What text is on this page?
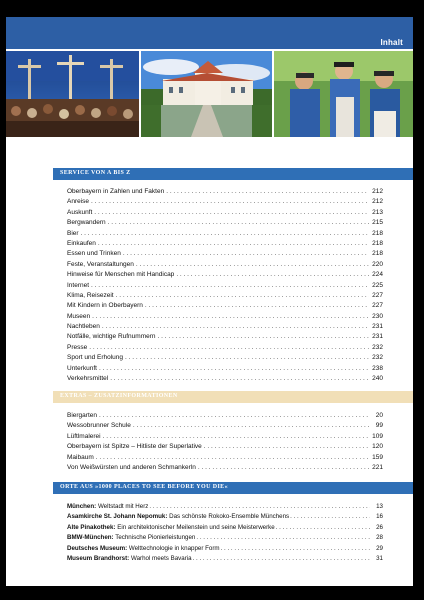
Inhalt
SERVICE VON A BIS Z
Oberbayern in Zahlen und Fakten . . .	212
Anreise . . .	212
Auskunft . . .	213
Bergwandern . . .	215
Bier . . .	218
Einkaufen . . .	218
Essen und Trinken . . .	218
Feste, Veranstaltungen . . .	220
Hinweise für Menschen mit Handicap . . .	224
Internet . . .	225
Klima, Reisezeit . . .	227
Mit Kindern in Oberbayern . . .	227
Museen . . .	230
Nachtleben . . .	231
Notfälle, wichtige Rufnummern . . .	231
Presse . . .	232
Sport und Erholung . . .	232
Unterkunft . . .	238
Verkehrsmittel . . .	240
EXTRAS – ZUSATZINFORMATIONEN
Biergarten . . .	20
Wessobrunner Schule . . .	99
Lüftlmalerei . . .	109
Oberbayern ist Spitze – Hitliste der Superlative . . .	120
Maibaum . . .	159
Von Weißwürsten und anderen Schmankerln . . .	221
ORTE AUS »1000 PLACES TO SEE BEFORE YOU DIE«
München: Weltstadt mit Herz . . .	13
Asamkirche St. Johann Nepomuk: Das schönste Rokoko-Ensemble Münchens . . .	16
Alte Pinakothek: Ein architektonischer Meilenstein und seine Meisterwerke . . .	26
BMW-München: Technische Pionierleistungen . . .	28
Deutsches Museum: Welttechnologie in knapper Form . . .	29
Museum Brandhorst: Warhol meets Bavaria . . .	31
